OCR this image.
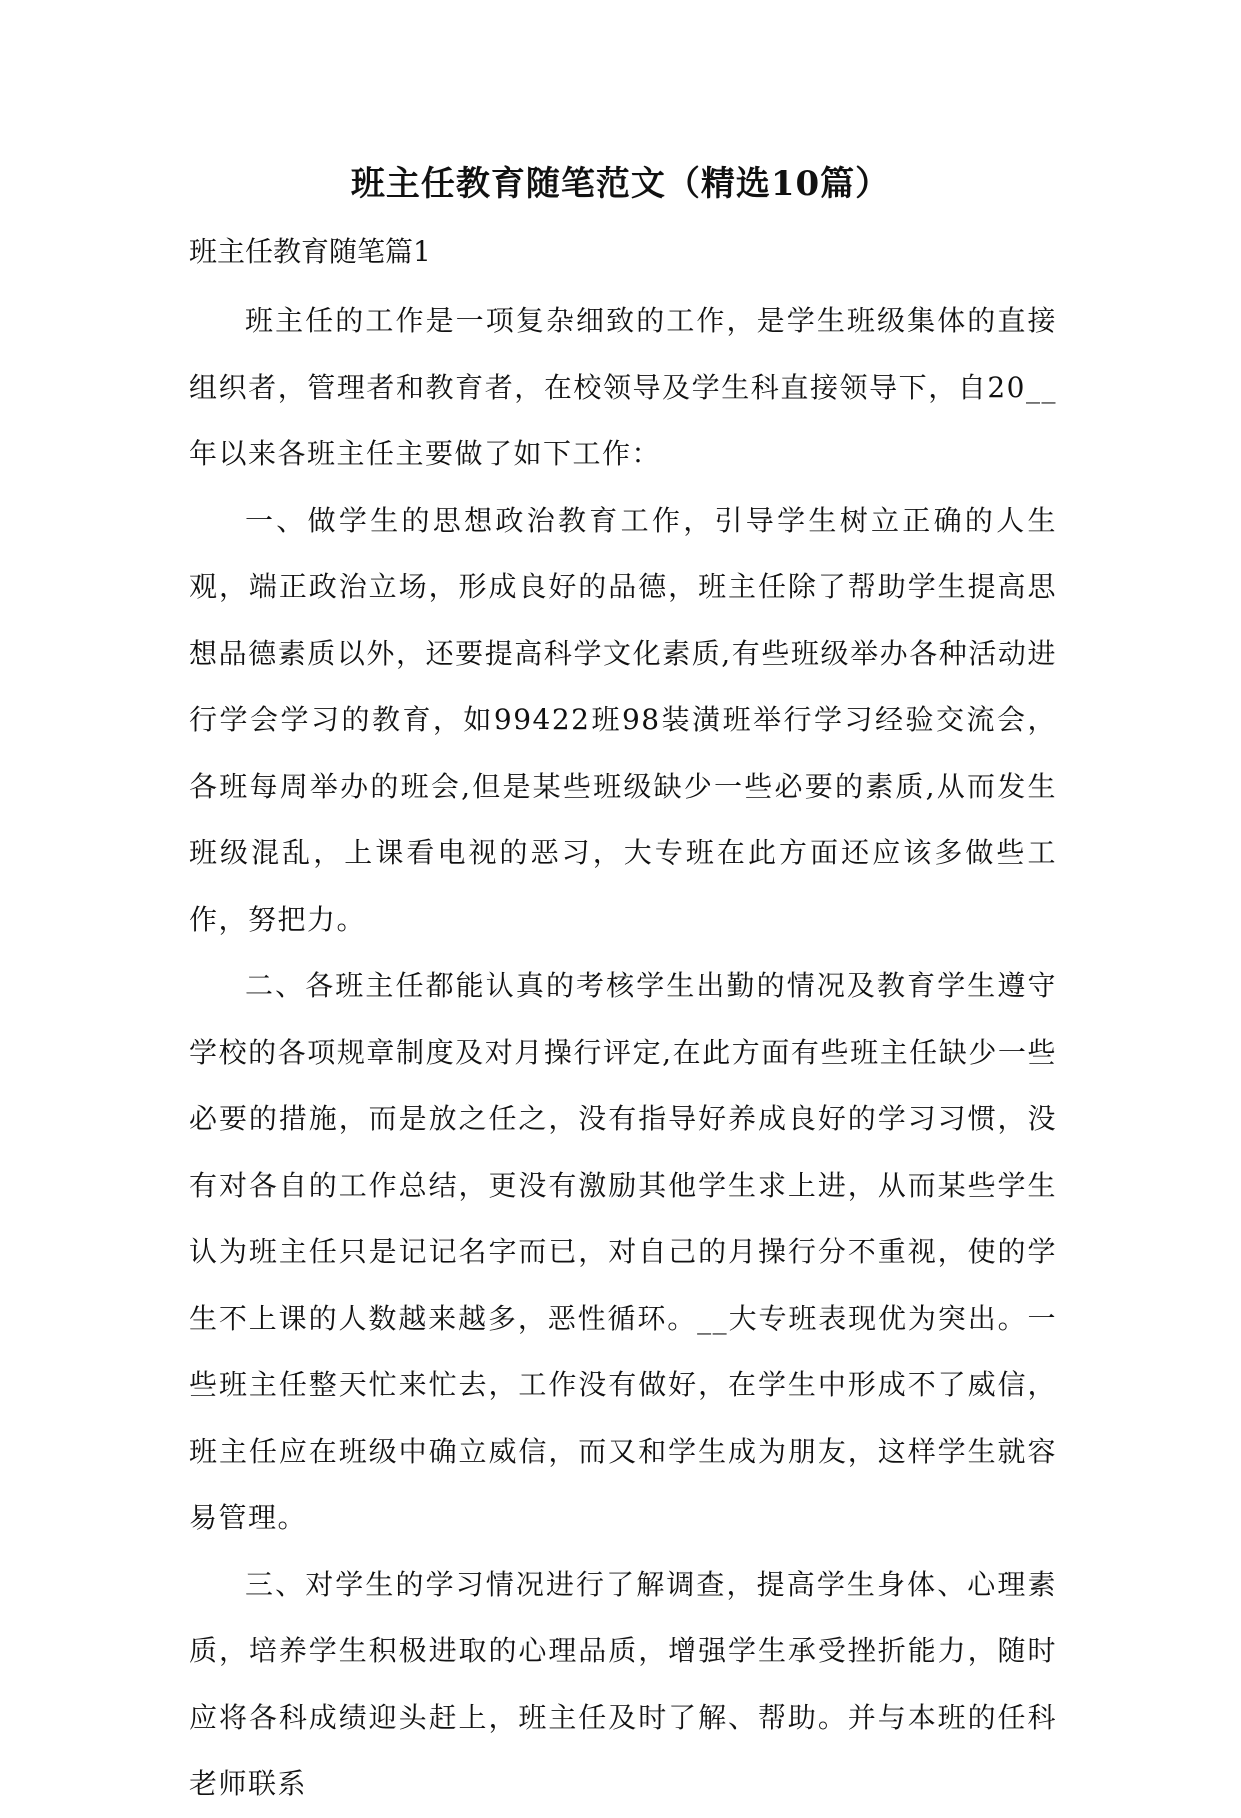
班主任教育随笔范文（精选10篇）
班主任教育随笔篇1

班主任的工作是一项复杂细致的工作，是学生班级集体的直接组织者，管理者和教育者，在校领导及学生科直接领导下，自20__年以来各班主任主要做了如下工作：

一、做学生的思想政治教育工作，引导学生树立正确的人生观，端正政治立场，形成良好的品德，班主任除了帮助学生提高思想品德素质以外，还要提高科学文化素质,有些班级举办各种活动进行学会学习的教育，如99422班98装潢班举行学习经验交流会，各班每周举办的班会,但是某些班级缺少一些必要的素质,从而发生班级混乱，上课看电视的恶习，大专班在此方面还应该多做些工作，努把力。

二、各班主任都能认真的考核学生出勤的情况及教育学生遵守学校的各项规章制度及对月操行评定,在此方面有些班主任缺少一些必要的措施，而是放之任之，没有指导好养成良好的学习习惯，没有对各自的工作总结，更没有激励其他学生求上进，从而某些学生认为班主任只是记记名字而已，对自己的月操行分不重视，使的学生不上课的人数越来越多，恶性循环。__大专班表现优为突出。一些班主任整天忙来忙去，工作没有做好，在学生中形成不了威信，班主任应在班级中确立威信，而又和学生成为朋友，这样学生就容易管理。

三、对学生的学习情况进行了解调查，提高学生身体、心理素质，培养学生积极进取的心理品质，增强学生承受挫折能力，随时应将各科成绩迎头赶上，班主任及时了解、帮助。并与本班的任科老师联系
